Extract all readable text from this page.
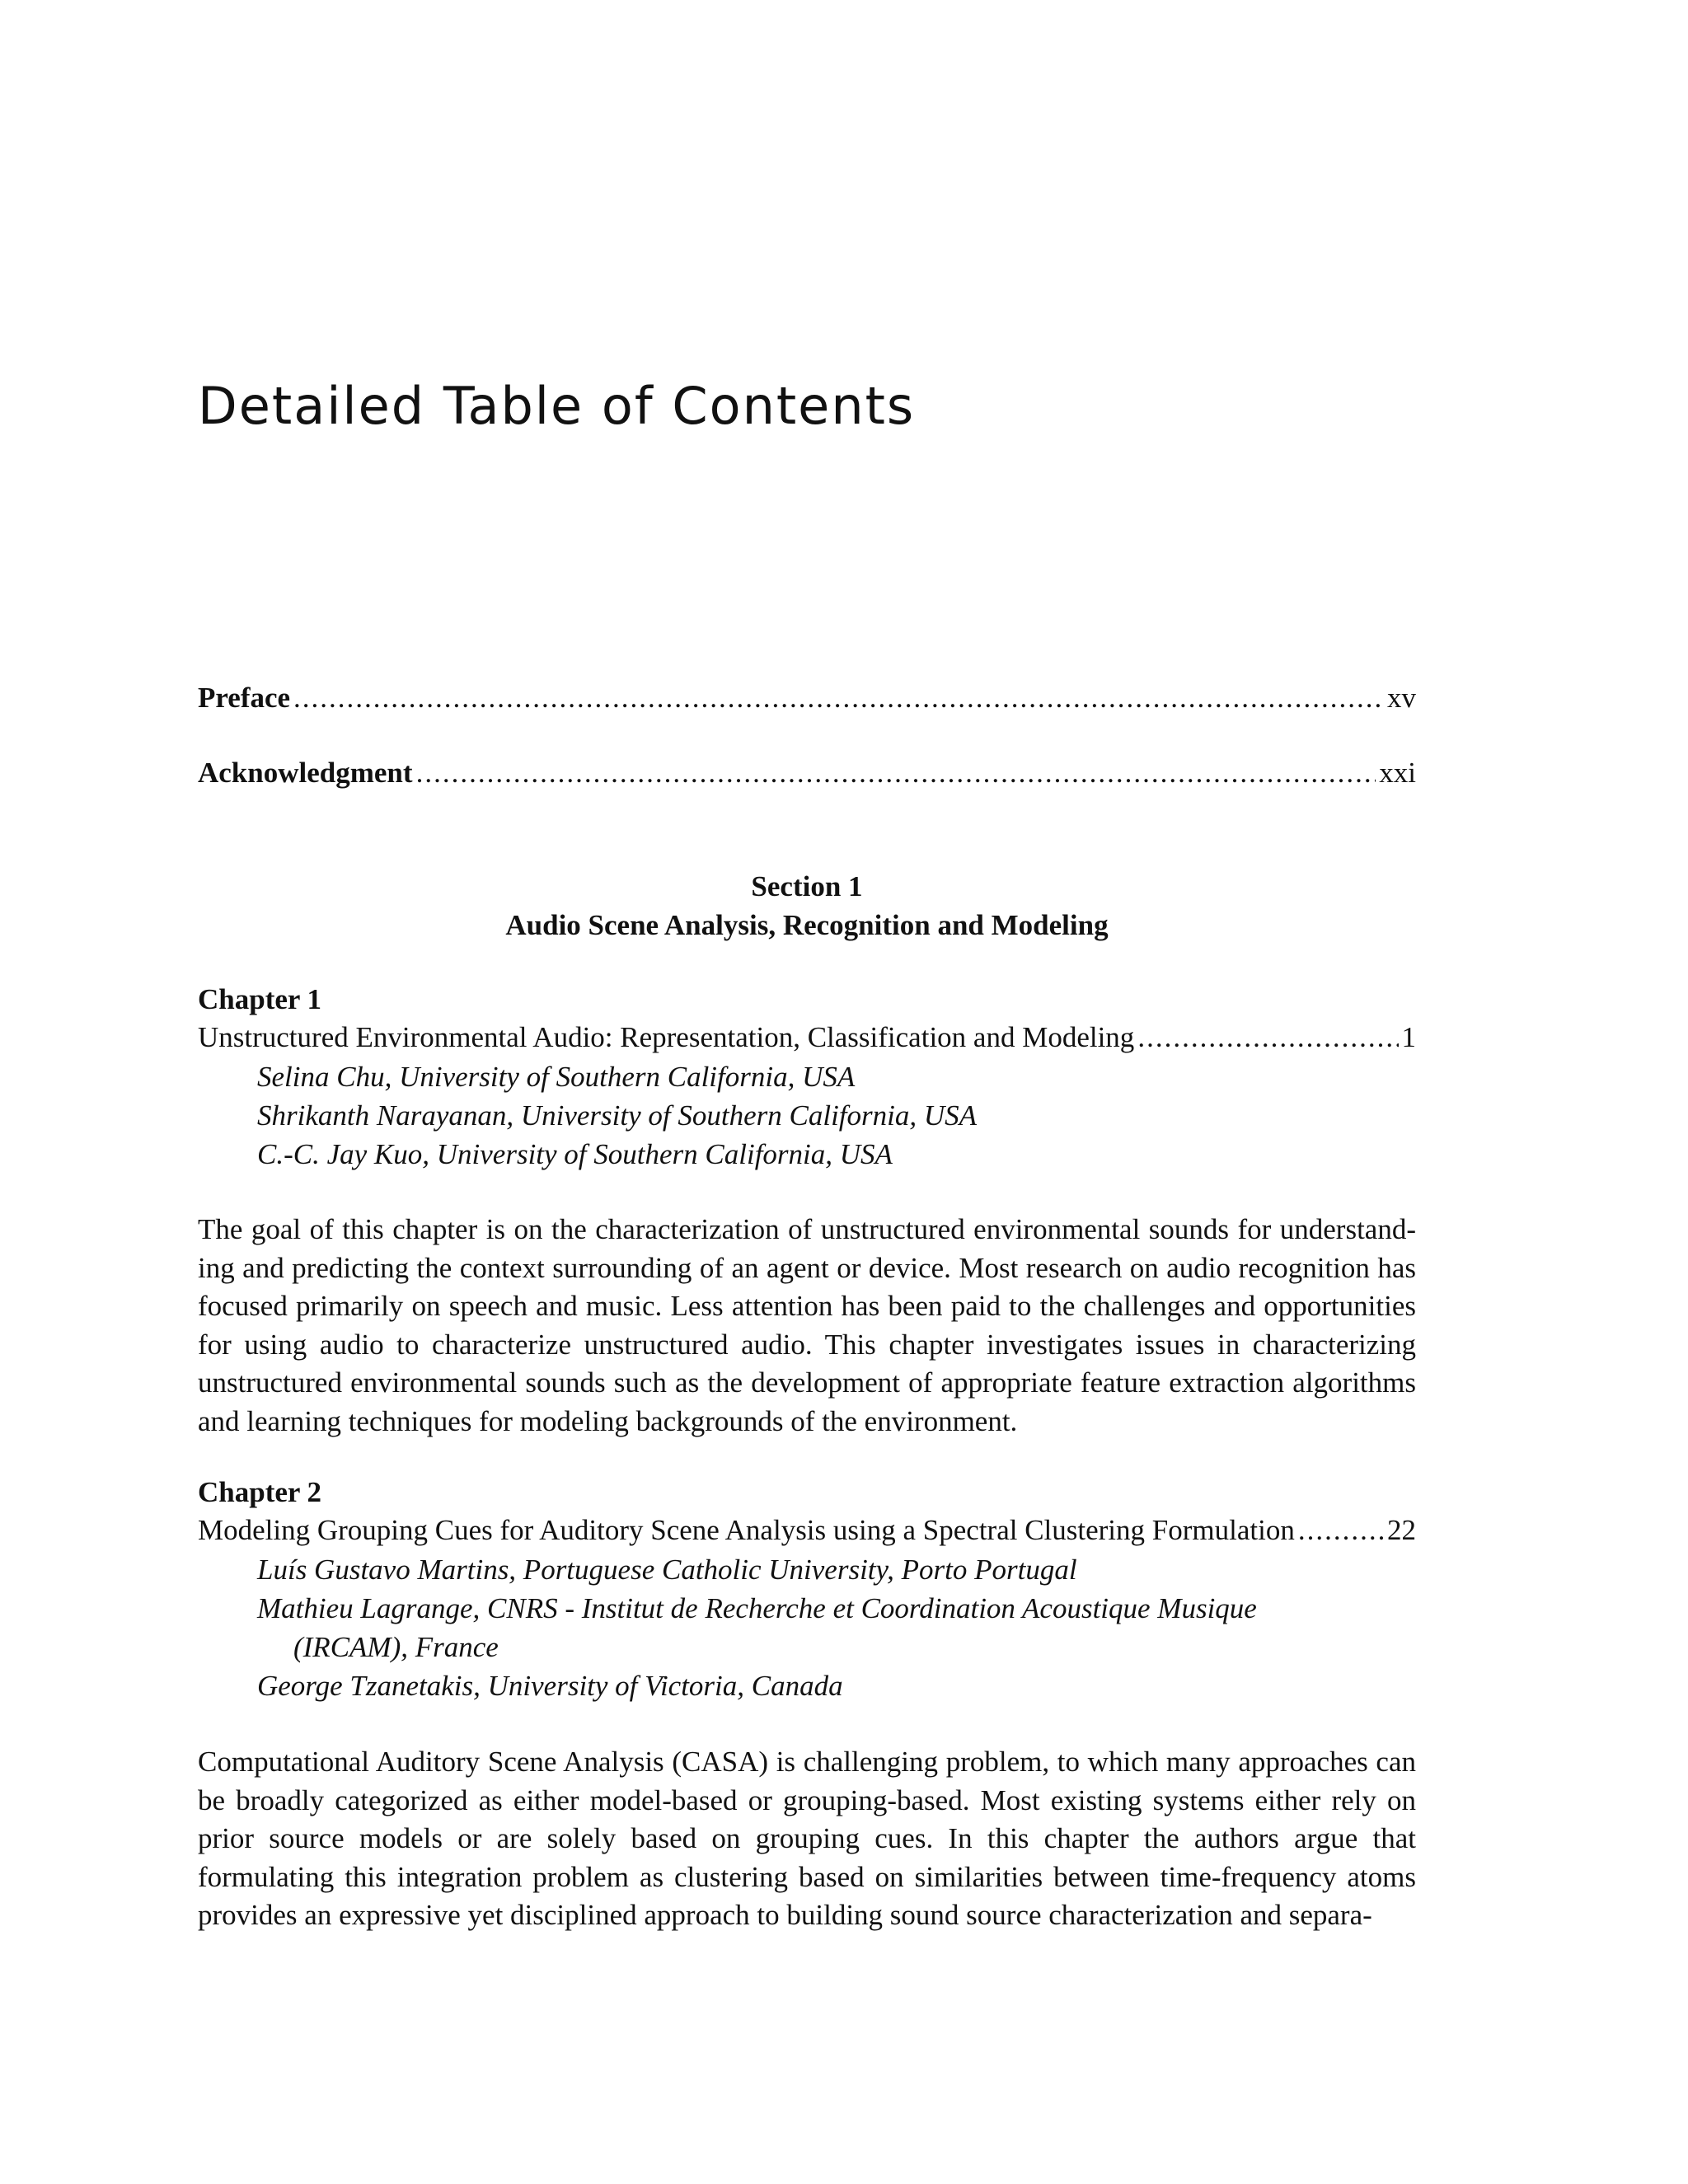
Detailed Table of Contents
Preface .....	xv
Acknowledgment .....	xxi
Section 1
Audio Scene Analysis, Recognition and Modeling
Chapter 1
Unstructured Environmental Audio: Representation, Classification and Modeling .....	1
Selina Chu, University of Southern California, USA
Shrikanth Narayanan, University of Southern California, USA
C.-C. Jay Kuo, University of Southern California, USA

The goal of this chapter is on the characterization of unstructured environmental sounds for understanding and predicting the context surrounding of an agent or device. Most research on audio recognition has focused primarily on speech and music. Less attention has been paid to the challenges and opportunities for using audio to characterize unstructured audio. This chapter investigates issues in characterizing unstructured environmental sounds such as the development of appropriate feature extraction algorithms and learning techniques for modeling backgrounds of the environment.

Chapter 2
Modeling Grouping Cues for Auditory Scene Analysis using a Spectral Clustering Formulation .....	22
Luís Gustavo Martins, Portuguese Catholic University, Porto Portugal
Mathieu Lagrange, CNRS - Institut de Recherche et Coordination Acoustique Musique
(IRCAM), France
George Tzanetakis, University of Victoria, Canada

Computational Auditory Scene Analysis (CASA) is challenging problem, to which many approaches can be broadly categorized as either model-based or grouping-based. Most existing systems either rely on prior source models or are solely based on grouping cues. In this chapter the authors argue that formulating this integration problem as clustering based on similarities between time-frequency atoms provides an expressive yet disciplined approach to building sound source characterization and separa-
